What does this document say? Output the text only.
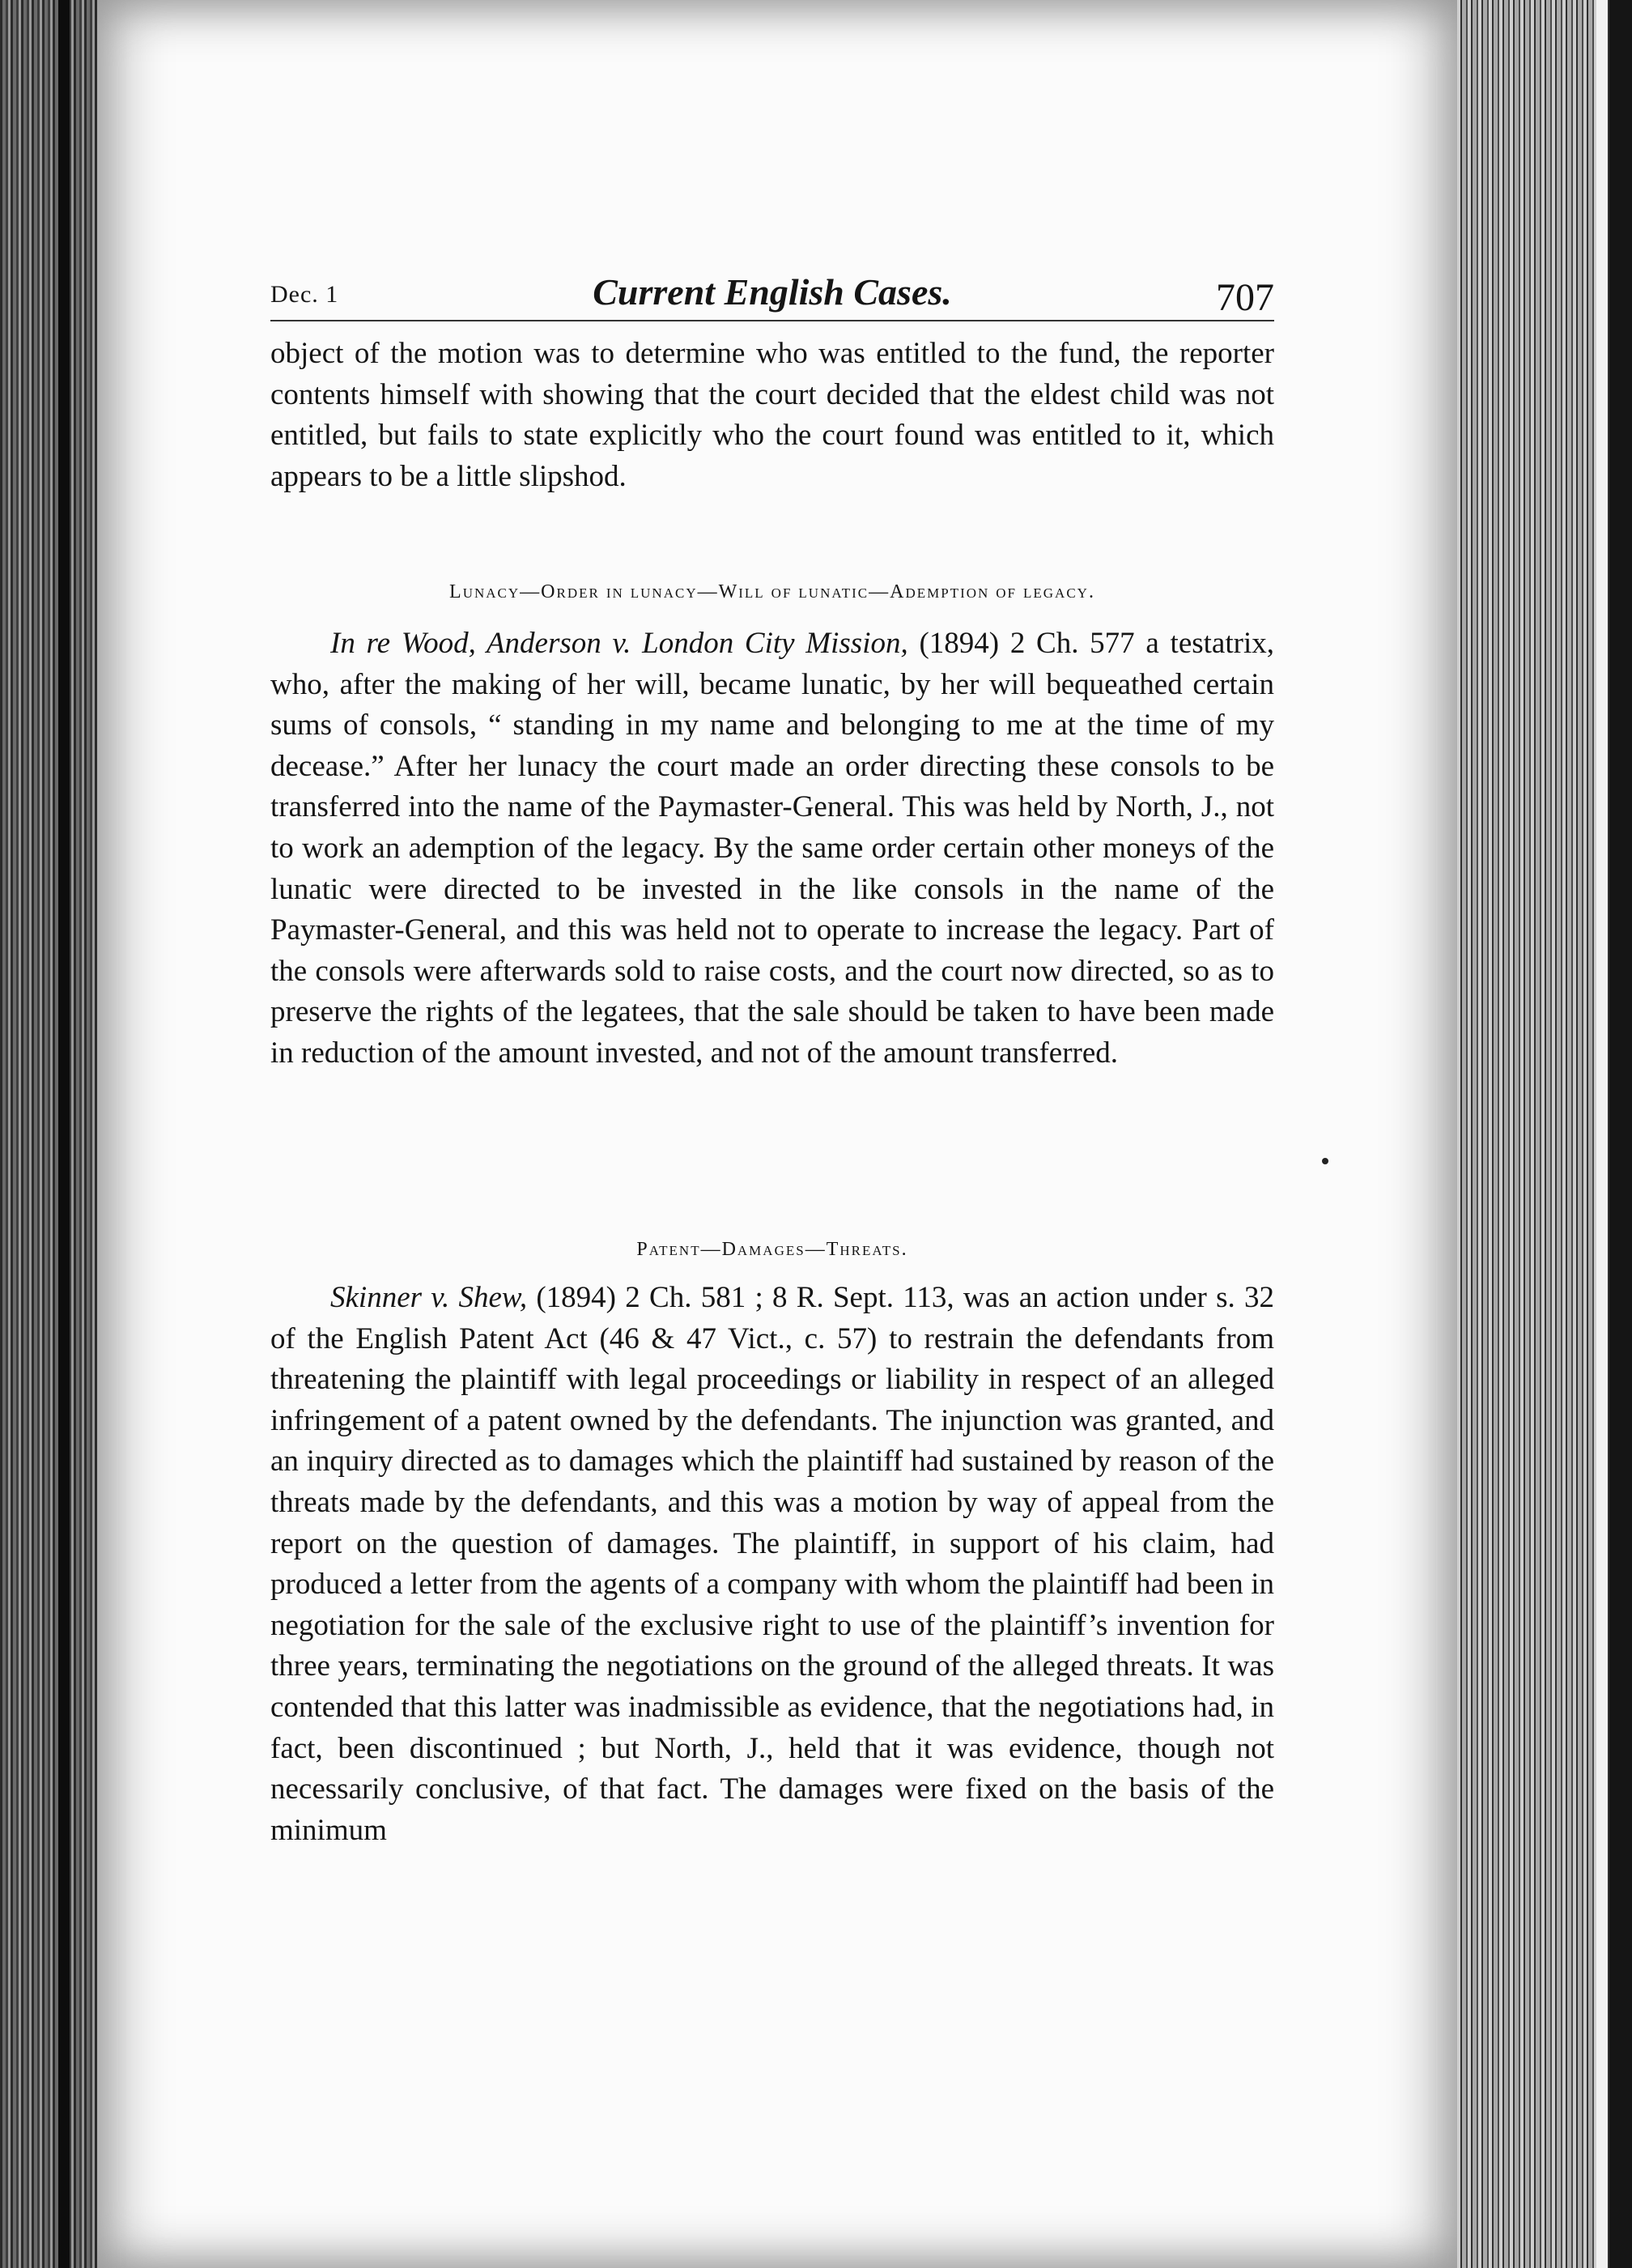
Dec. 1	Current English Cases.	707

object of the motion was to determine who was entitled to the fund, the reporter contents himself with showing that the court decided that the eldest child was not entitled, but fails to state explicitly who the court found was entitled to it, which appears to be a little slipshod.

Lunacy—Order in lunacy—Will of lunatic—Ademption of legacy.

In re Wood, Anderson v. London City Mission, (1894) 2 Ch. 577 a testatrix, who, after the making of her will, became lunatic, by her will bequeathed certain sums of consols, “ standing in my name and belonging to me at the time of my decease.” After her lunacy the court made an order directing these consols to be transferred into the name of the Paymaster-General. This was held by North, J., not to work an ademption of the legacy. By the same order certain other moneys of the lunatic were directed to be invested in the like consols in the name of the Paymaster-General, and this was held not to operate to increase the legacy. Part of the consols were afterwards sold to raise costs, and the court now directed, so as to preserve the rights of the legatees, that the sale should be taken to have been made in reduction of the amount invested, and not of the amount transferred.

Patent—Damages—Threats.

Skinner v. Shew, (1894) 2 Ch. 581 ; 8 R. Sept. 113, was an action under s. 32 of the English Patent Act (46 & 47 Vict., c. 57) to restrain the defendants from threatening the plaintiff with legal proceedings or liability in respect of an alleged infringement of a patent owned by the defendants. The injunction was granted, and an inquiry directed as to damages which the plaintiff had sustained by reason of the threats made by the defendants, and this was a motion by way of appeal from the report on the question of damages. The plaintiff, in support of his claim, had produced a letter from the agents of a company with whom the plaintiff had been in negotiation for the sale of the exclusive right to use of the plaintiff’s invention for three years, terminating the negotiations on the ground of the alleged threats. It was contended that this latter was inadmissible as evidence, that the negotiations had, in fact, been discontinued ; but North, J., held that it was evidence, though not necessarily conclusive, of that fact. The damages were fixed on the basis of the minimum
